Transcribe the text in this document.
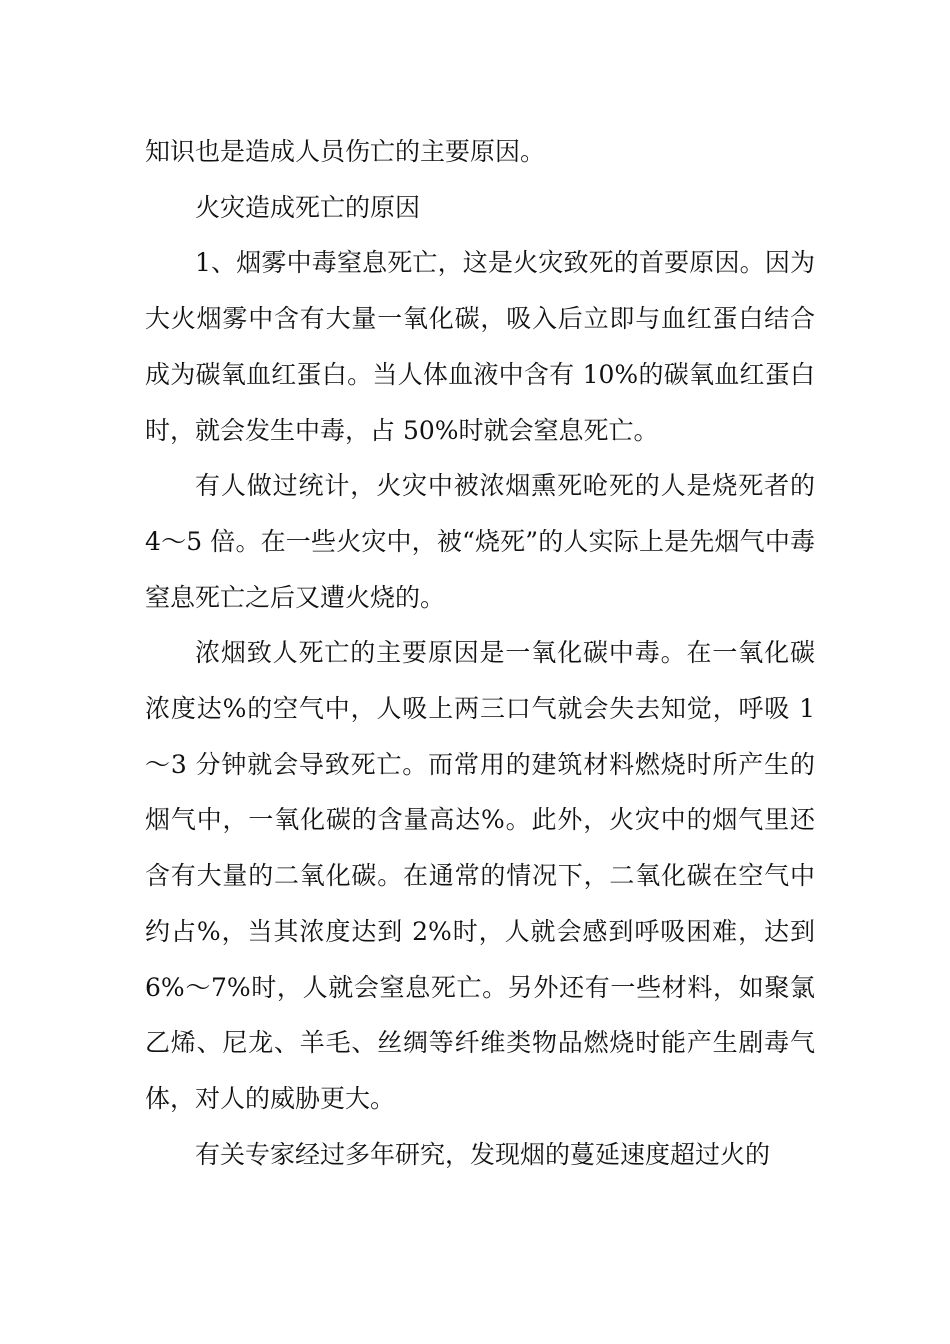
知识也是造成人员伤亡的主要原因。

火灾造成死亡的原因

1、烟雾中毒窒息死亡，这是火灾致死的首要原因。因为大火烟雾中含有大量一氧化碳，吸入后立即与血红蛋白结合成为碳氧血红蛋白。当人体血液中含有 10%的碳氧血红蛋白时，就会发生中毒，占 50%时就会窒息死亡。

有人做过统计，火灾中被浓烟熏死呛死的人是烧死者的 4～5 倍。在一些火灾中，被“烧死”的人实际上是先烟气中毒窒息死亡之后又遭火烧的。

浓烟致人死亡的主要原因是一氧化碳中毒。在一氧化碳浓度达%的空气中，人吸上两三口气就会失去知觉，呼吸 1～3 分钟就会导致死亡。而常用的建筑材料燃烧时所产生的烟气中，一氧化碳的含量高达%。此外，火灾中的烟气里还含有大量的二氧化碳。在通常的情况下，二氧化碳在空气中约占%，当其浓度达到 2%时，人就会感到呼吸困难，达到 6%～7%时，人就会窒息死亡。另外还有一些材料，如聚氯乙烯、尼龙、羊毛、丝绸等纤维类物品燃烧时能产生剧毒气体，对人的威胁更大。

有关专家经过多年研究，发现烟的蔓延速度超过火的
